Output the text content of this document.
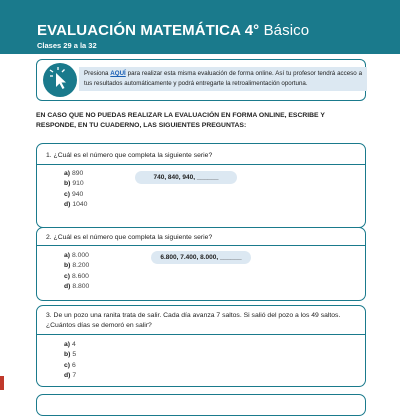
EVALUACIÓN MATEMÁTICA 4° Básico
Clases 29 a la 32
Presiona AQUÍ para realizar esta misma evaluación de forma online. Así tu profesor tendrá acceso a tus resultados automáticamente y podrá entregarte la retroalimentación oportuna.
EN CASO QUE NO PUEDAS REALIZAR LA EVALUACIÓN EN FORMA ONLINE, ESCRIBE Y RESPONDE, EN TU CUADERNO, LAS SIGUIENTES PREGUNTAS:
1. ¿Cuál es el número que completa la siguiente serie?
a) 890
b) 910
c) 940
d) 1040
740, 840, 940, ______
2. ¿Cuál es el número que completa la siguiente serie?
a) 8.000
b) 8.200
c) 8.600
d) 8.800
6.800, 7.400, 8.000, ______
3. De un pozo una ranita trata de salir. Cada día avanza 7 saltos. Si salió del pozo a los 49 saltos.
¿Cuántos días se demoró en salir?
a) 4
b) 5
c) 6
d) 7
